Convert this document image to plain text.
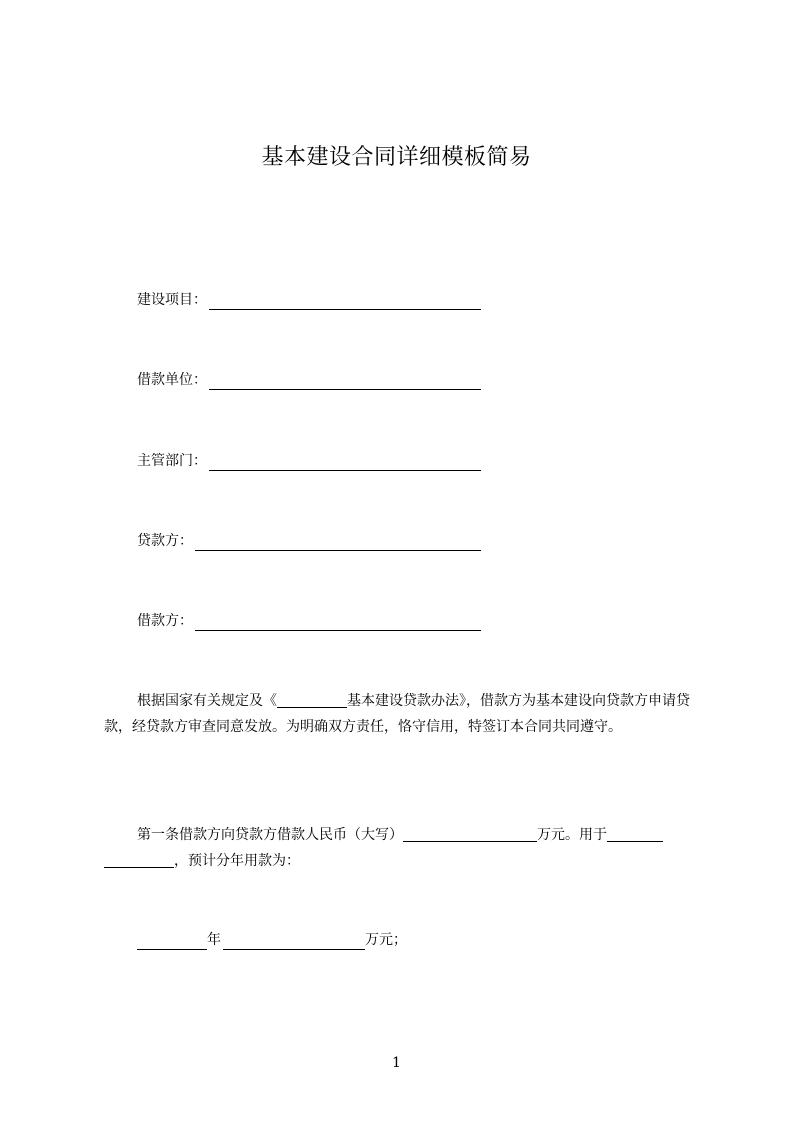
基本建设合同详细模板简易
建设项目：
借款单位：
主管部门：
贷款方：
借款方：
根据国家有关规定及《	基本建设贷款办法》，借款方为基本建设向贷款方申请贷款，经贷款方审查同意发放。为明确双方责任，恪守信用，特签订本合同共同遵守。
第一条借款方向贷款方借款人民币（大写）	万元。用于，预计分年用款为：
年	万元；
1
